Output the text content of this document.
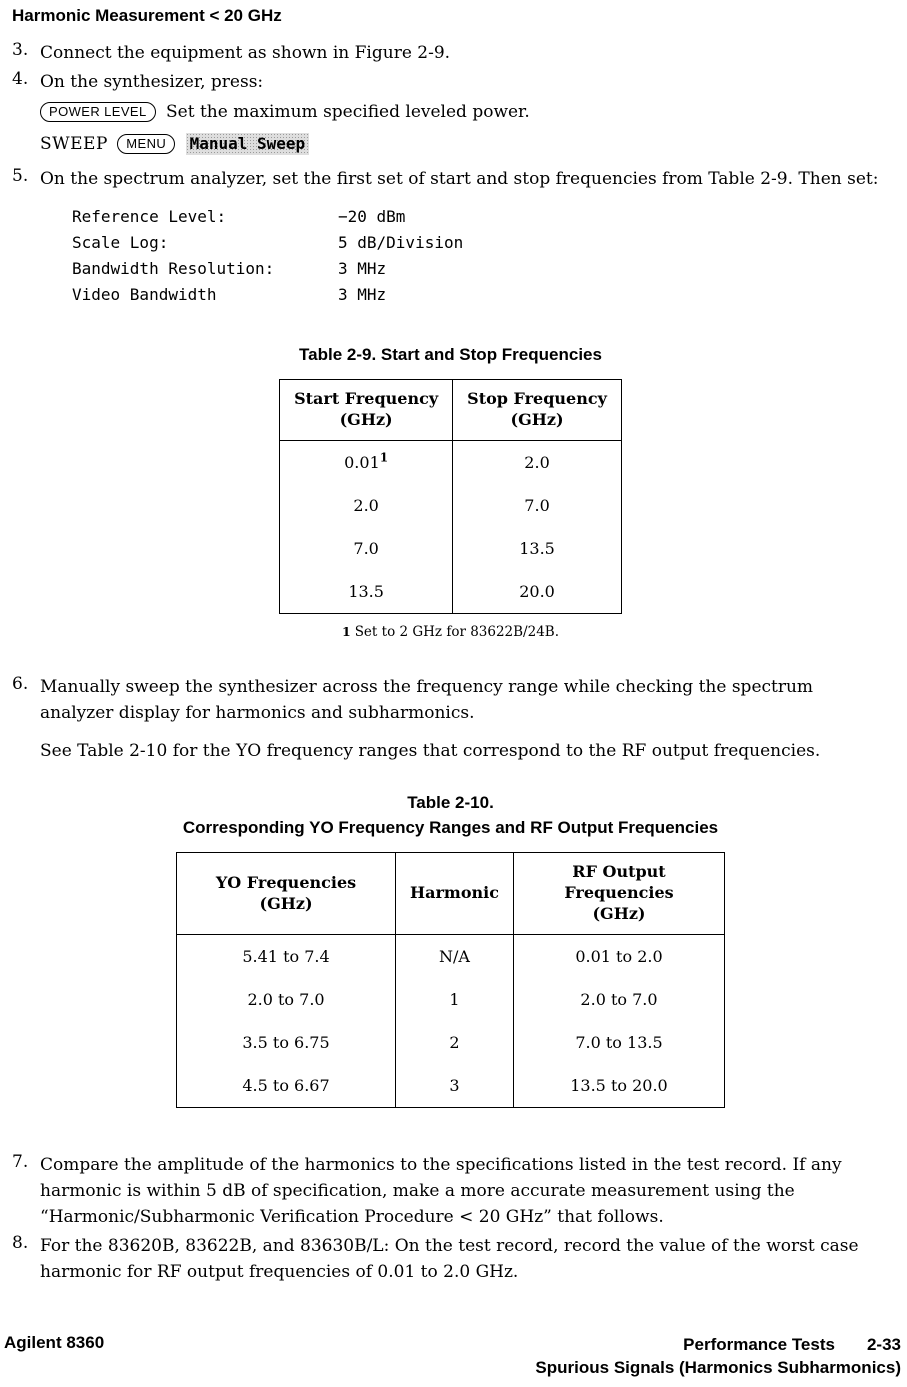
Harmonic Measurement < 20 GHz
3. Connect the equipment as shown in Figure 2-9.
4. On the synthesizer, press:
POWER LEVEL Set the maximum specified leveled power.
SWEEP MENU Manual Sweep
5. On the spectrum analyzer, set the first set of start and stop frequencies from Table 2-9. Then set:
Reference Level:	−20 dBm
Scale Log:	5 dB/Division
Bandwidth Resolution:	3 MHz
Video Bandwidth	3 MHz
Table 2-9. Start and Stop Frequencies
Start Frequency
(GHz)	Stop Frequency
(GHz)
0.01$^1$	2.0
2.0	7.0
7.0	13.5
13.5	20.0
1 Set to 2 GHz for 83622B/24B.
6. Manually sweep the synthesizer across the frequency range while checking the spectrum analyzer display for harmonics and subharmonics.
See Table 2-10 for the YO frequency ranges that correspond to the RF output frequencies.
Table 2-10.
Corresponding YO Frequency Ranges and RF Output Frequencies
YO Frequencies
(GHz)	Harmonic	RF Output
Frequencies
(GHz)
5.41 to 7.4	N/A	0.01 to 2.0
2.0 to 7.0	1	2.0 to 7.0
3.5 to 6.75	2	7.0 to 13.5
4.5 to 6.67	3	13.5 to 20.0
7. Compare the amplitude of the harmonics to the specifications listed in the test record. If any harmonic is within 5 dB of specification, make a more accurate measurement using the “Harmonic/Subharmonic Verification Procedure < 20 GHz” that follows.
8. For the 83620B, 83622B, and 83630B/L: On the test record, record the value of the worst case harmonic for RF output frequencies of 0.01 to 2.0 GHz.
Agilent 8360	Performance Tests 2-33
Spurious Signals (Harmonics Subharmonics)
